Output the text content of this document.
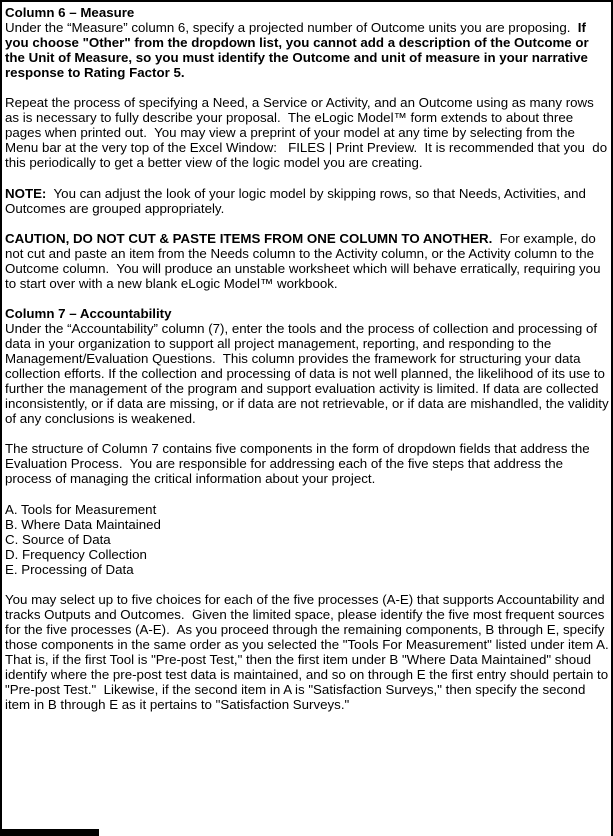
Column 6 – Measure
Under the “Measure” column 6, specify a projected number of Outcome units you are proposing.  If
you choose "Other" from the dropdown list, you cannot add a description of the Outcome or
the Unit of Measure, so you must identify the Outcome and unit of measure in your narrative
response to Rating Factor 5.

Repeat the process of specifying a Need, a Service or Activity, and an Outcome using as many rows
as is necessary to fully describe your proposal.  The eLogic Model™ form extends to about three
pages when printed out.  You may view a preprint of your model at any time by selecting from the
Menu bar at the very top of the Excel Window:   FILES | Print Preview.  It is recommended that you  do
this periodically to get a better view of the logic model you are creating.

NOTE:  You can adjust the look of your logic model by skipping rows, so that Needs, Activities, and
Outcomes are grouped appropriately.

CAUTION, DO NOT CUT & PASTE ITEMS FROM ONE COLUMN TO ANOTHER.  For example, do
not cut and paste an item from the Needs column to the Activity column, or the Activity column to the
Outcome column.  You will produce an unstable worksheet which will behave erratically, requiring you
to start over with a new blank eLogic Model™ workbook.

Column 7 – Accountability
Under the “Accountability” column (7), enter the tools and the process of collection and processing of
data in your organization to support all project management, reporting, and responding to the
Management/Evaluation Questions.  This column provides the framework for structuring your data
collection efforts. If the collection and processing of data is not well planned, the likelihood of its use to
further the management of the program and support evaluation activity is limited. If data are collected
inconsistently, or if data are missing, or if data are not retrievable, or if data are mishandled, the validity
of any conclusions is weakened.

The structure of Column 7 contains five components in the form of dropdown fields that address the
Evaluation Process.  You are responsible for addressing each of the five steps that address the
process of managing the critical information about your project.

A. Tools for Measurement
B. Where Data Maintained
C. Source of Data
D. Frequency Collection
E. Processing of Data

You may select up to five choices for each of the five processes (A-E) that supports Accountability and
tracks Outputs and Outcomes.  Given the limited space, please identify the five most frequent sources
for the five processes (A-E).  As you proceed through the remaining components, B through E, specify
those components in the same order as you selected the "Tools For Measurement" listed under item A.
That is, if the first Tool is "Pre-post Test," then the first item under B "Where Data Maintained" shoud
identify where the pre-post test data is maintained, and so on through E the first entry should pertain to
"Pre-post Test."  Likewise, if the second item in A is "Satisfaction Surveys," then specify the second
item in B through E as it pertains to "Satisfaction Surveys."
